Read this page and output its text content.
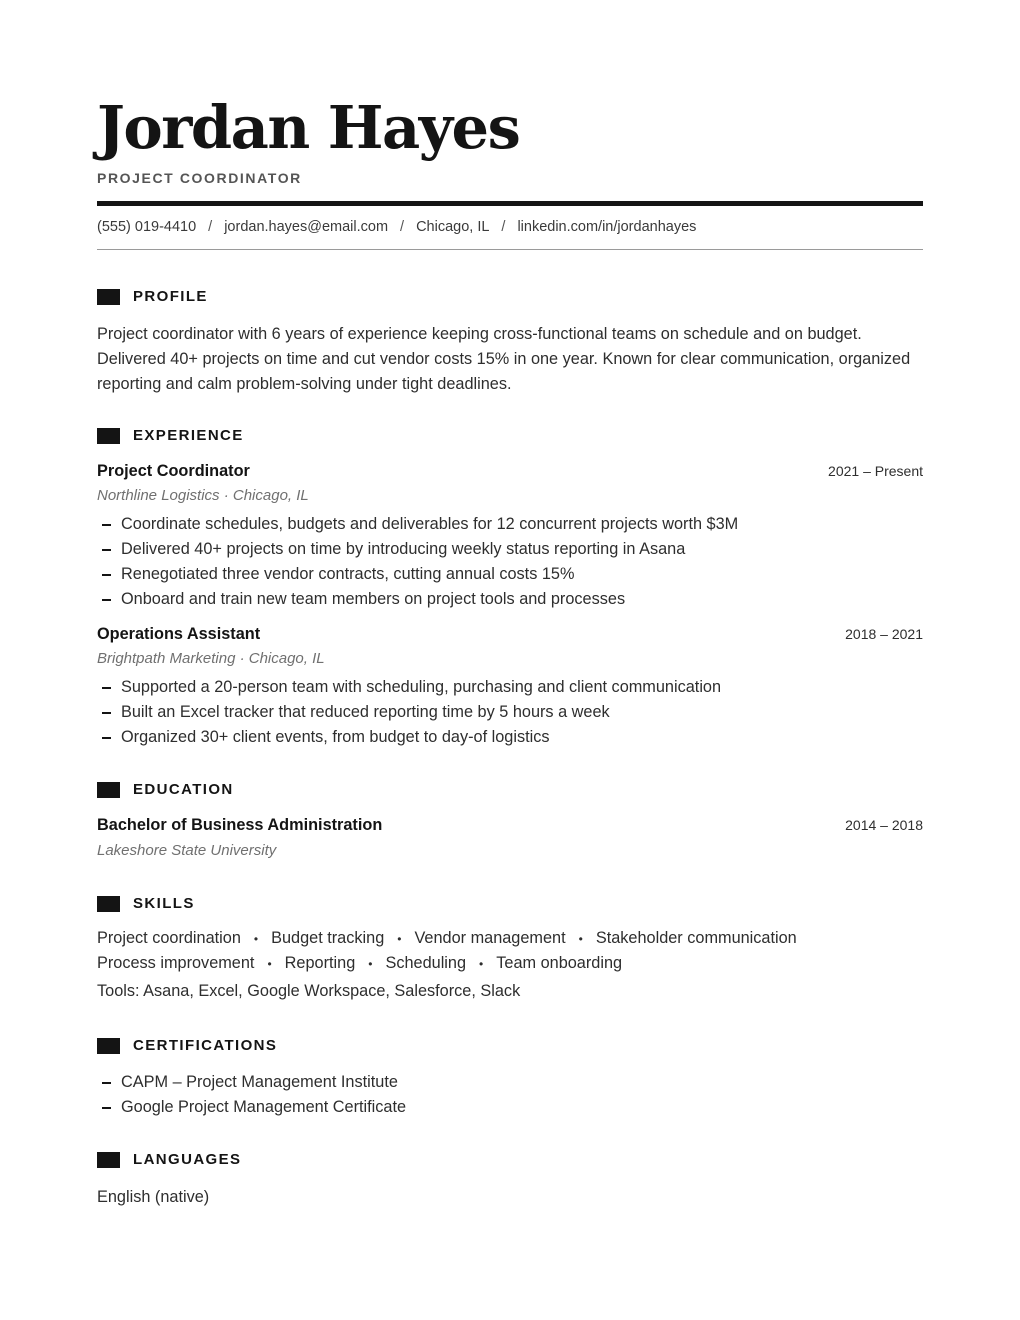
Jordan Hayes
PROJECT COORDINATOR
(555) 019-4410 / jordan.hayes@email.com / Chicago, IL / linkedin.com/in/jordanhayes
PROFILE
Project coordinator with 6 years of experience keeping cross-functional teams on schedule and on budget.
Delivered 40+ projects on time and cut vendor costs 15% in one year. Known for clear communication, organized
reporting and calm problem-solving under tight deadlines.
EXPERIENCE
Project Coordinator	2021 – Present
Northline Logistics · Chicago, IL
Coordinate schedules, budgets and deliverables for 12 concurrent projects worth $3M
Delivered 40+ projects on time by introducing weekly status reporting in Asana
Renegotiated three vendor contracts, cutting annual costs 15%
Onboard and train new team members on project tools and processes
Operations Assistant	2018 – 2021
Brightpath Marketing · Chicago, IL
Supported a 20-person team with scheduling, purchasing and client communication
Built an Excel tracker that reduced reporting time by 5 hours a week
Organized 30+ client events, from budget to day-of logistics
EDUCATION
Bachelor of Business Administration	2014 – 2018
Lakeshore State University
SKILLS
Project coordination • Budget tracking • Vendor management • Stakeholder communication
Process improvement • Reporting • Scheduling • Team onboarding
Tools: Asana, Excel, Google Workspace, Salesforce, Slack
CERTIFICATIONS
CAPM – Project Management Institute
Google Project Management Certificate
LANGUAGES
English (native)
